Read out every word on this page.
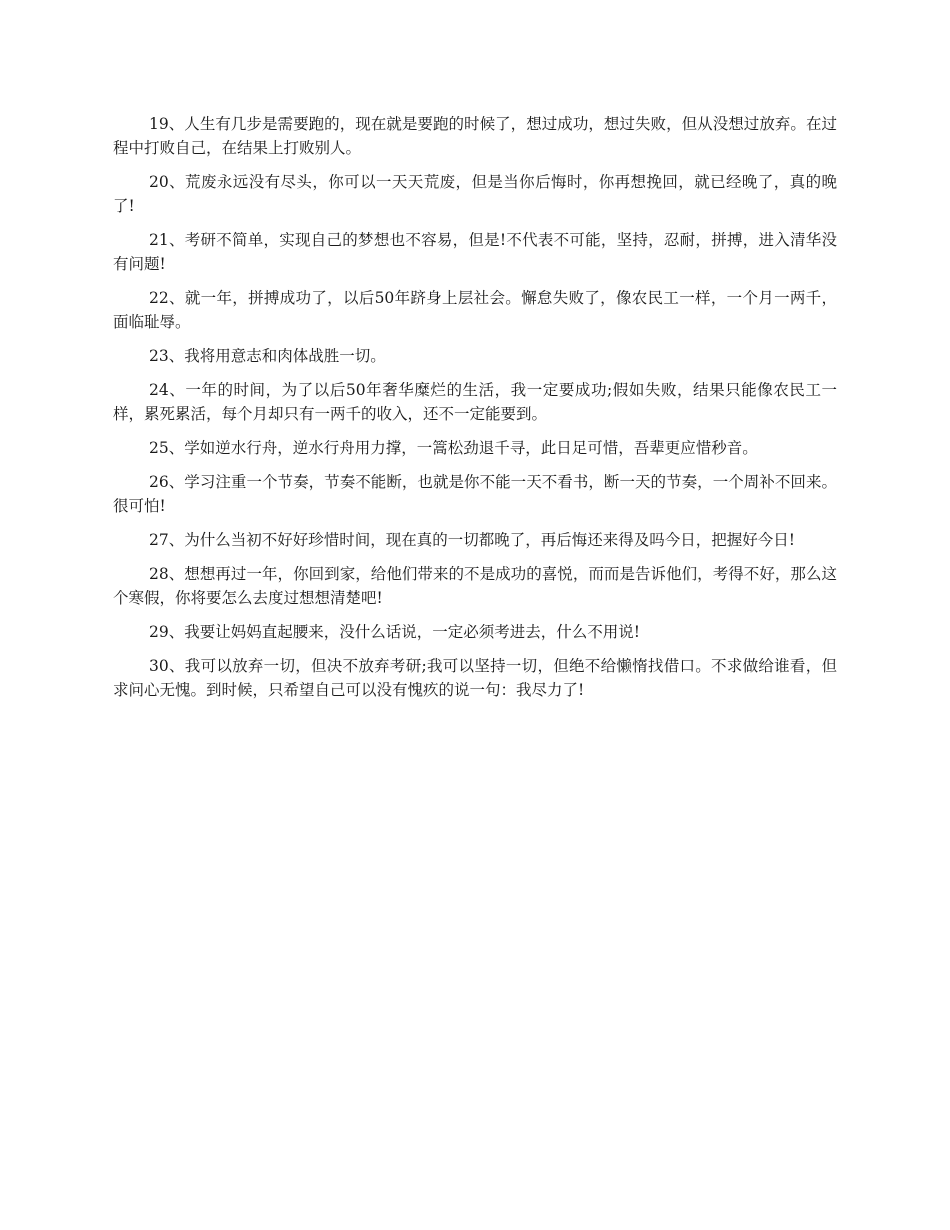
19、人生有几步是需要跑的，现在就是要跑的时候了，想过成功，想过失败，但从没想过放弃。在过程中打败自己，在结果上打败别人。

20、荒废永远没有尽头，你可以一天天荒废，但是当你后悔时，你再想挽回，就已经晚了，真的晚了!

21、考研不简单，实现自己的梦想也不容易，但是!不代表不可能，坚持，忍耐，拼搏，进入清华没有问题!

22、就一年，拼搏成功了，以后50年跻身上层社会。懈怠失败了，像农民工一样，一个月一两千，面临耻辱。

23、我将用意志和肉体战胜一切。

24、一年的时间，为了以后50年奢华糜烂的生活，我一定要成功;假如失败，结果只能像农民工一样，累死累活，每个月却只有一两千的收入，还不一定能要到。

25、学如逆水行舟，逆水行舟用力撑，一篙松劲退千寻，此日足可惜，吾辈更应惜秒音。

26、学习注重一个节奏，节奏不能断，也就是你不能一天不看书，断一天的节奏，一个周补不回来。很可怕!

27、为什么当初不好好珍惜时间，现在真的一切都晚了，再后悔还来得及吗今日，把握好今日!

28、想想再过一年，你回到家，给他们带来的不是成功的喜悦，而而是告诉他们，考得不好，那么这个寒假，你将要怎么去度过想想清楚吧!

29、我要让妈妈直起腰来，没什么话说，一定必须考进去，什么不用说!

30、我可以放弃一切，但决不放弃考研;我可以坚持一切，但绝不给懒惰找借口。不求做给谁看，但求问心无愧。到时候，只希望自己可以没有愧疚的说一句：我尽力了!
